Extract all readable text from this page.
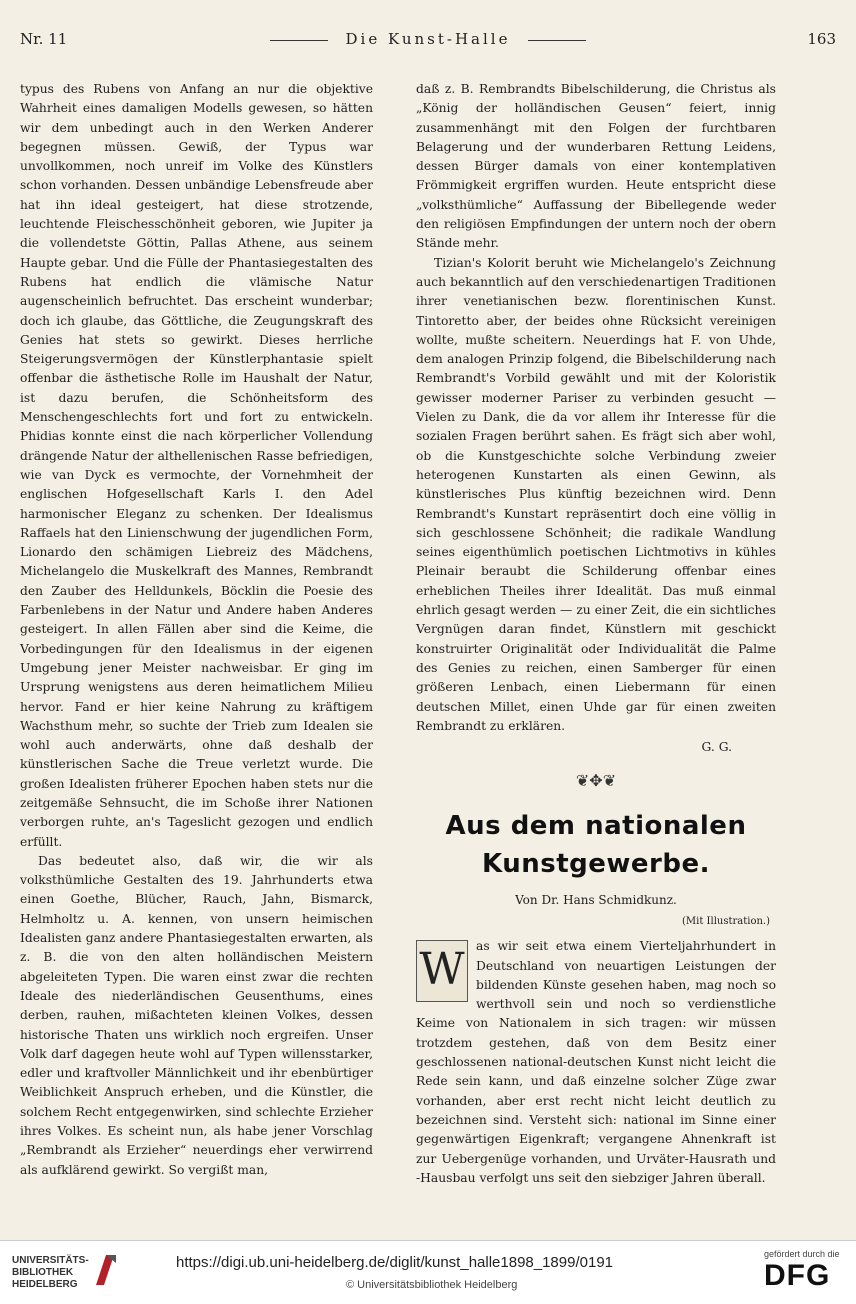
Nr. 11	Die Kunst-Halle	163

typus des Rubens von Anfang an nur die objektive Wahrheit eines damaligen Modells gewesen, so hätten wir dem unbedingt auch in den Werken Anderer begegnen müssen. Gewiß, der Typus war unvollkommen, noch unreif im Volke des Künstlers schon vorhanden. Dessen unbändige Lebensfreude aber hat ihn ideal gesteigert, hat diese strotzende, leuchtende Fleischesschönheit geboren, wie Jupiter ja die vollendetste Göttin, Pallas Athene, aus seinem Haupte gebar. Und die Fülle der Phantasiegestalten des Rubens hat endlich die vlämische Natur augenscheinlich befruchtet. Das erscheint wunderbar; doch ich glaube, das Göttliche, die Zeugungskraft des Genies hat stets so gewirkt. Dieses herrliche Steigerungsvermögen der Künstlerphantasie spielt offenbar die ästhetische Rolle im Haushalt der Natur, ist dazu berufen, die Schönheitsform des Menschengeschlechts fort und fort zu entwickeln. Phidias konnte einst die nach körperlicher Vollendung drängende Natur der althellenischen Rasse befriedigen, wie van Dyck es vermochte, der Vornehmheit der englischen Hofgesellschaft Karls I. den Adel harmonischer Eleganz zu schenken. Der Idealismus Raffaels hat den Linienschwung der jugendlichen Form, Lionardo den schämigen Liebreiz des Mädchens, Michelangelo die Muskelkraft des Mannes, Rembrandt den Zauber des Helldunkels, Böcklin die Poesie des Farbenlebens in der Natur und Andere haben Anderes gesteigert. In allen Fällen aber sind die Keime, die Vorbedingungen für den Idealismus in der eigenen Umgebung jener Meister nachweisbar. Er ging im Ursprung wenigstens aus deren heimatlichem Milieu hervor. Fand er hier keine Nahrung zu kräftigem Wachsthum mehr, so suchte der Trieb zum Idealen sie wohl auch anderwärts, ohne daß deshalb der künstlerischen Sache die Treue verletzt wurde. Die großen Idealisten früherer Epochen haben stets nur die zeitgemäße Sehnsucht, die im Schoße ihrer Nationen verborgen ruhte, an's Tageslicht gezogen und endlich erfüllt.

Das bedeutet also, daß wir, die wir als volksthümliche Gestalten des 19. Jahrhunderts etwa einen Goethe, Blücher, Rauch, Jahn, Bismarck, Helmholtz u. A. kennen, von unsern heimischen Idealisten ganz andere Phantasiegestalten erwarten, als z. B. die von den alten holländischen Meistern abgeleiteten Typen. Die waren einst zwar die rechten Ideale des niederländischen Geusenthums, eines derben, rauhen, mißachteten kleinen Volkes, dessen historische Thaten uns wirklich noch ergreifen. Unser Volk darf dagegen heute wohl auf Typen willensstarker, edler und kraftvoller Männlichkeit und ihr ebenbürtiger Weiblichkeit Anspruch erheben, und die Künstler, die solchem Recht entgegenwirken, sind schlechte Erzieher ihres Volkes. Es scheint nun, als habe jener Vorschlag „Rembrandt als Erzieher“ neuerdings eher verwirrend als aufklärend gewirkt. So vergißt man,

daß z. B. Rembrandts Bibelschilderung, die Christus als „König der holländischen Geusen“ feiert, innig zusammenhängt mit den Folgen der furchtbaren Belagerung und der wunderbaren Rettung Leidens, dessen Bürger damals von einer kontemplativen Frömmigkeit ergriffen wurden. Heute entspricht diese „volksthümliche“ Auffassung der Bibellegende weder den religiösen Empfindungen der untern noch der obern Stände mehr.

Tizian's Kolorit beruht wie Michelangelo's Zeichnung auch bekanntlich auf den verschiedenartigen Traditionen ihrer venetianischen bezw. florentinischen Kunst. Tintoretto aber, der beides ohne Rücksicht vereinigen wollte, mußte scheitern. Neuerdings hat F. von Uhde, dem analogen Prinzip folgend, die Bibelschilderung nach Rembrandt's Vorbild gewählt und mit der Koloristik gewisser moderner Pariser zu verbinden gesucht — Vielen zu Dank, die da vor allem ihr Interesse für die sozialen Fragen berührt sahen. Es frägt sich aber wohl, ob die Kunstgeschichte solche Verbindung zweier heterogenen Kunstarten als einen Gewinn, als künstlerisches Plus künftig bezeichnen wird. Denn Rembrandt's Kunstart repräsentirt doch eine völlig in sich geschlossene Schönheit; die radikale Wandlung seines eigenthümlich poetischen Lichtmotivs in kühles Pleinair beraubt die Schilderung offenbar eines erheblichen Theiles ihrer Idealität. Das muß einmal ehrlich gesagt werden — zu einer Zeit, die ein sichtliches Vergnügen daran findet, Künstlern mit geschickt konstruirter Originalität oder Individualität die Palme des Genies zu reichen, einen Samberger für einen größeren Lenbach, einen Liebermann für einen deutschen Millet, einen Uhde gar für einen zweiten Rembrandt zu erklären.

G. G.
❦✥❦
Aus dem nationalen Kunstgewerbe.
Von Dr. Hans Schmidkunz.
(Mit Illustration.)

W as wir seit etwa einem Vierteljahrhundert in Deutschland von neuartigen Leistungen der bildenden Künste gesehen haben, mag noch so werthvoll sein und noch so verdienstliche Keime von Nationalem in sich tragen: wir müssen trotzdem gestehen, daß von dem Besitz einer geschlossenen national-deutschen Kunst nicht leicht die Rede sein kann, und daß einzelne solcher Züge zwar vorhanden, aber erst recht nicht leicht deutlich zu bezeichnen sind. Versteht sich: national im Sinne einer gegenwärtigen Eigenkraft; vergangene Ahnenkraft ist zur Uebergenüge vorhanden, und Urväter-Hausrath und -Hausbau verfolgt uns seit den siebziger Jahren überall.

UNIVERSITÄTS-
BIBLIOTHEK
HEIDELBERG
https://digi.ub.uni-heidelberg.de/diglit/kunst_halle1898_1899/0191
© Universitätsbibliothek Heidelberg
gefördert durch die
DFG
